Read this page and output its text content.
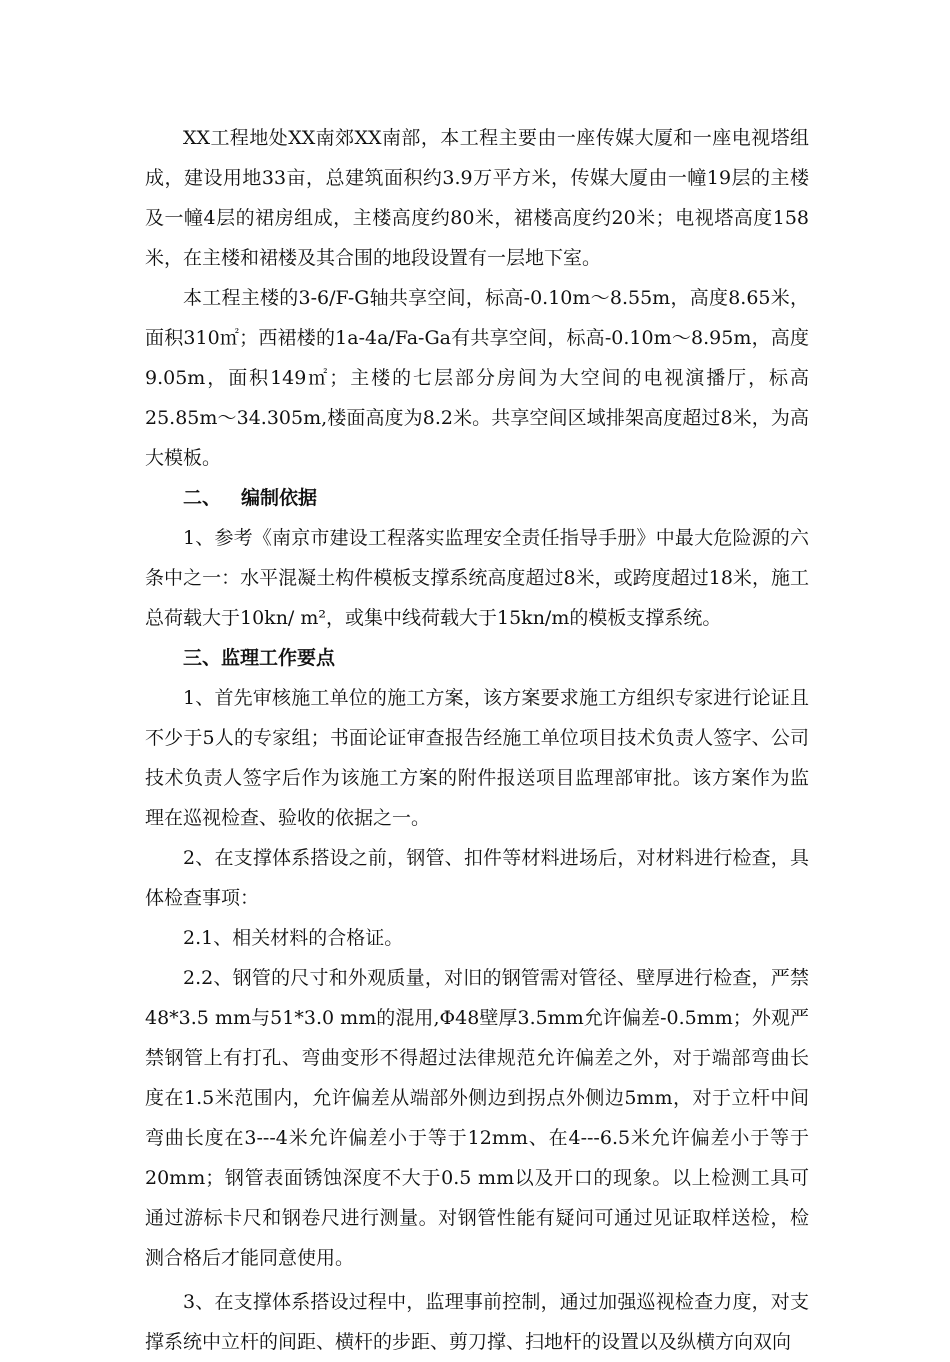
XX工程地处XX南郊XX南部，本工程主要由一座传媒大厦和一座电视塔组成，建设用地33亩，总建筑面积约3.9万平方米，传媒大厦由一幢19层的主楼及一幢4层的裙房组成，主楼高度约80米，裙楼高度约20米；电视塔高度158米，在主楼和裙楼及其合围的地段设置有一层地下室。

本工程主楼的3-6/F-G轴共享空间，标高-0.10m～8.55m，高度8.65米，面积310㎡；西裙楼的1a-4a/Fa-Ga有共享空间，标高-0.10m～8.95m，高度9.05m，面积149㎡；主楼的七层部分房间为大空间的电视演播厅，标高25.85m～34.305m,楼面高度为8.2米。共享空间区域排架高度超过8米，为高大模板。

二、 编制依据

1、参考《南京市建设工程落实监理安全责任指导手册》中最大危险源的六条中之一：水平混凝土构件模板支撑系统高度超过8米，或跨度超过18米，施工总荷载大于10kn/ m²，或集中线荷载大于15kn/m的模板支撑系统。

三、监理工作要点

1、首先审核施工单位的施工方案，该方案要求施工方组织专家进行论证且不少于5人的专家组；书面论证审查报告经施工单位项目技术负责人签字、公司技术负责人签字后作为该施工方案的附件报送项目监理部审批。该方案作为监理在巡视检查、验收的依据之一。

2、在支撑体系搭设之前，钢管、扣件等材料进场后，对材料进行检查，具体检查事项：

2.1、相关材料的合格证。

2.2、钢管的尺寸和外观质量，对旧的钢管需对管径、壁厚进行检查，严禁48*3.5 mm与51*3.0 mm的混用,Φ48壁厚3.5mm允许偏差-0.5mm；外观严禁钢管上有打孔、弯曲变形不得超过法律规范允许偏差之外，对于端部弯曲长度在1.5米范围内，允许偏差从端部外侧边到拐点外侧边5mm，对于立杆中间弯曲长度在3---4米允许偏差小于等于12mm、在4---6.5米允许偏差小于等于20mm；钢管表面锈蚀深度不大于0.5 mm以及开口的现象。以上检测工具可通过游标卡尺和钢卷尺进行测量。对钢管性能有疑问可通过见证取样送检，检测合格后才能同意使用。

3、在支撑体系搭设过程中，监理事前控制，通过加强巡视检查力度，对支撑系统中立杆的间距、横杆的步距、剪刀撑、扫地杆的设置以及纵横方向双向
